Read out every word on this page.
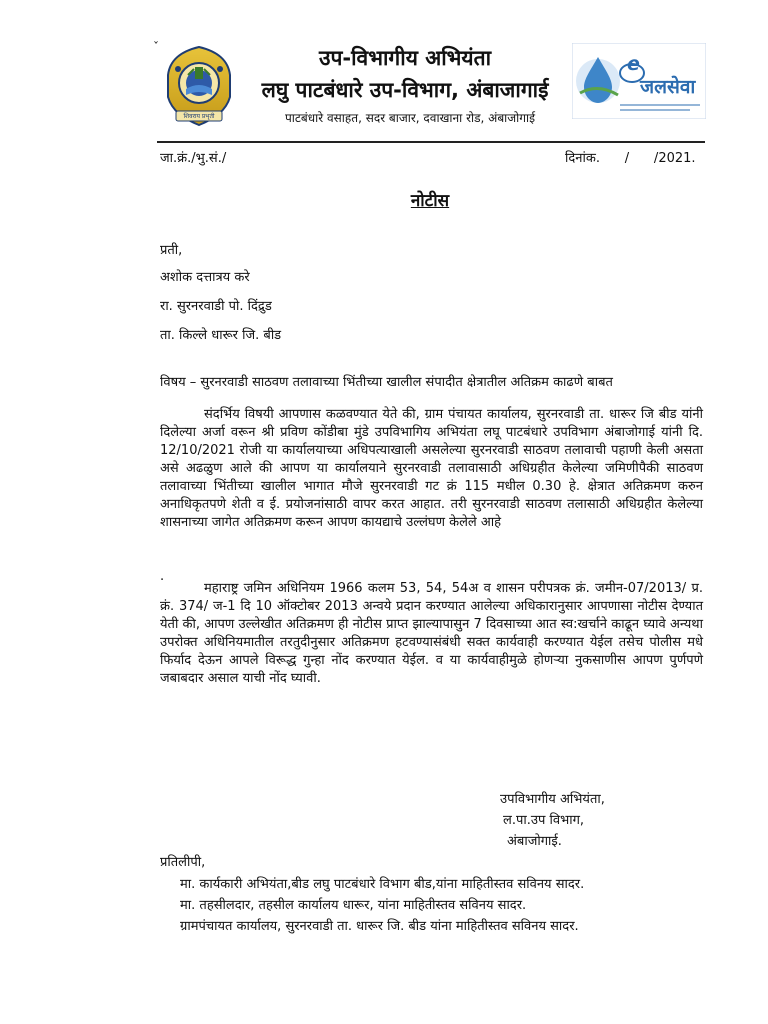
ˇ
शिवराय प्रभृती
उप-विभागीय अभियंता
लघु पाटबंधारे उप-विभाग, अंबाजागाई
पाटबंधारे वसाहत, सदर बाजार, दवाखाना रोड, अंबाजोगाई
e
जलसेवा
जा.क्रं./भु.सं./	दिनांक.      /      /2021.
नोटीस
प्रती,
अशोक दत्तात्रय करे
रा. सुरनरवाडी पो. दिंद्रुड
ता. किल्ले धारूर जि. बीड
विषय – सुरनरवाडी साठवण तलावाच्या भिंतीच्या खालील संपादीत क्षेत्रातील अतिक्रम काढणे बाबत
संदर्भिय विषयी आपणास कळवण्यात येते की, ग्राम पंचायत कार्यालय, सुरनरवाडी ता. धारूर जि बीड यांनी दिलेल्या अर्जा वरून श्री प्रविण कोंडीबा मुंडे उपविभागिय अभियंता लघू पाटबंधारे उपविभाग अंबाजोगाई यांनी दि. 12/10/2021 रोजी या कार्यालयाच्या अधिपत्याखाली असलेल्या सुरनरवाडी साठवण तलावाची पहाणी केली असता असे अढळुण आले की आपण या कार्यालयाने सुरनरवाडी तलावासाठी अधिग्रहीत केलेल्या जमिणीपैकी साठवण तलावाच्या भिंतीच्या खालील भागात मौजे सुरनरवाडी गट क्रं 115 मधील 0.30 हे. क्षेत्रात अतिक्रमण करुन अनाधिकृतपणे शेती व ई. प्रयोजनांसाठी वापर करत आहात. तरी सुरनरवाडी साठवण तलासाठी अधिग्रहीत केलेल्या शासनाच्या जागेत अतिक्रमण करून आपण कायद्याचे उल्लंघण केलेले आहे
.
महाराष्ट्र जमिन अधिनियम 1966 कलम 53, 54, 54अ व शासन परीपत्रक क्रं. जमीन-07/2013/ प्र. क्रं. 374/ ज-1 दि 10 ऑक्टोबर 2013 अन्वये प्रदान करण्यात आलेल्या अधिकारानुसार आपणासा नोटीस देण्यात येती की, आपण उल्लेखीत अतिक्रमण ही नोटीस प्राप्त झाल्यापासुन 7 दिवसाच्या आत स्व:खर्चाने काढून घ्यावे अन्यथा उपरोक्त अधिनियमातील तरतुदीनुसार अतिक्रमण हटवण्यासंबंधी सक्त कार्यवाही करण्यात येईल तसेच पोलीस मधे फिर्याद देऊन आपले विरूद्ध गुन्हा नोंद करण्यात येईल. व या कार्यवाहीमुळे होणऱ्या नुकसाणीस आपण पुर्णपणे जबाबदार असाल याची नोंद घ्यावी.
उपविभागीय अभियंता,
ल.पा.उप विभाग,
अंबाजोगाई.
प्रतिलीपी,
मा. कार्यकारी अभियंता,बीड लघु पाटबंधारे विभाग बीड,यांना माहितीस्तव सविनय सादर.
मा. तहसीलदार, तहसील कार्यालय धारूर, यांना माहितीस्तव सविनय सादर.
ग्रामपंचायत कार्यालय, सुरनरवाडी ता. धारूर जि. बीड यांना माहितीस्तव सविनय सादर.
